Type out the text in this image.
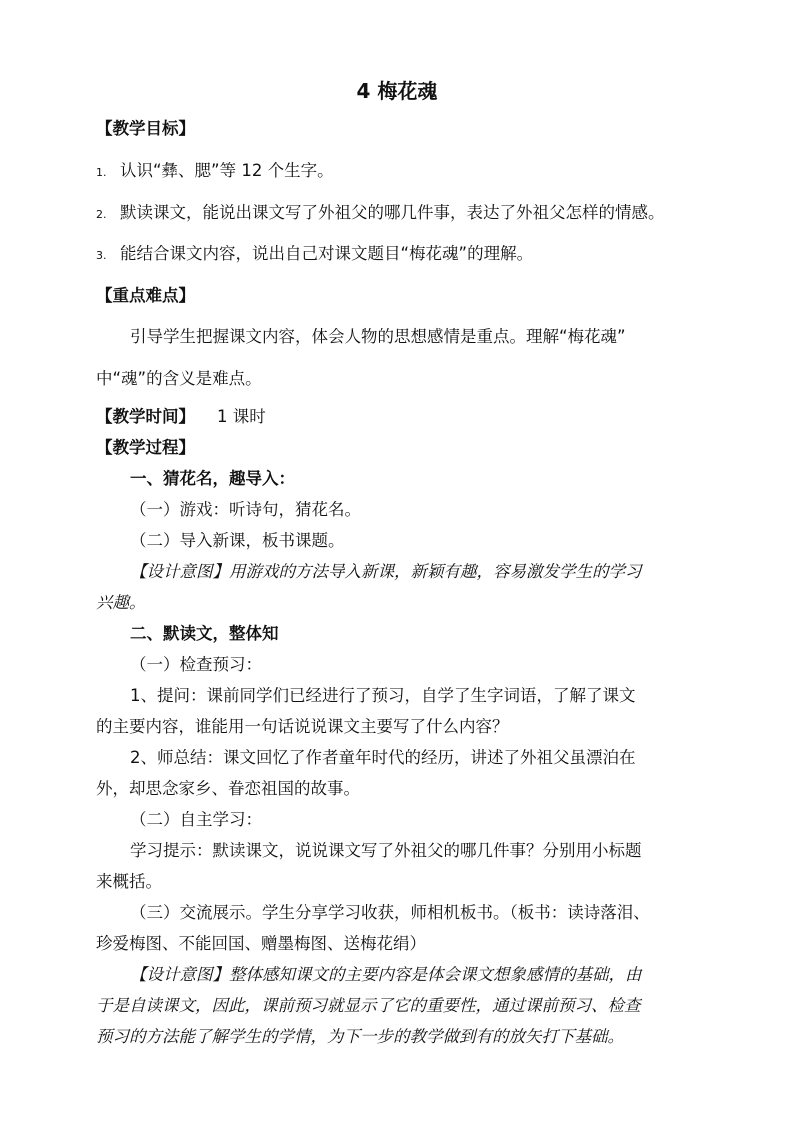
4 梅花魂
【教学目标】
1. 认识“彝、腮”等 12 个生字。
2. 默读课文，能说出课文写了外祖父的哪几件事，表达了外祖父怎样的情感。
3. 能结合课文内容，说出自己对课文题目“梅花魂”的理解。
【重点难点】
引导学生把握课文内容，体会人物的思想感情是重点。理解“梅花魂”
中“魂”的含义是难点。
【教学时间】 1 课时
【教学过程】
一、猜花名，趣导入：
（一）游戏：听诗句，猜花名。
（二）导入新课，板书课题。
【设计意图】用游戏的方法导入新课，新颖有趣，容易激发学生的学习
兴趣。
二、默读文，整体知
（一）检查预习：
1、提问：课前同学们已经进行了预习，自学了生字词语，了解了课文
的主要内容，谁能用一句话说说课文主要写了什么内容？
2、师总结：课文回忆了作者童年时代的经历，讲述了外祖父虽漂泊在
外，却思念家乡、眷恋祖国的故事。
（二）自主学习：
学习提示：默读课文，说说课文写了外祖父的哪几件事？分别用小标题
来概括。
（三）交流展示。学生分享学习收获，师相机板书。（板书：读诗落泪、
珍爱梅图、不能回国、赠墨梅图、送梅花绢）
【设计意图】整体感知课文的主要内容是体会课文想象感情的基础，由
于是自读课文，因此，课前预习就显示了它的重要性，通过课前预习、检查
预习的方法能了解学生的学情，为下一步的教学做到有的放矢打下基础。
